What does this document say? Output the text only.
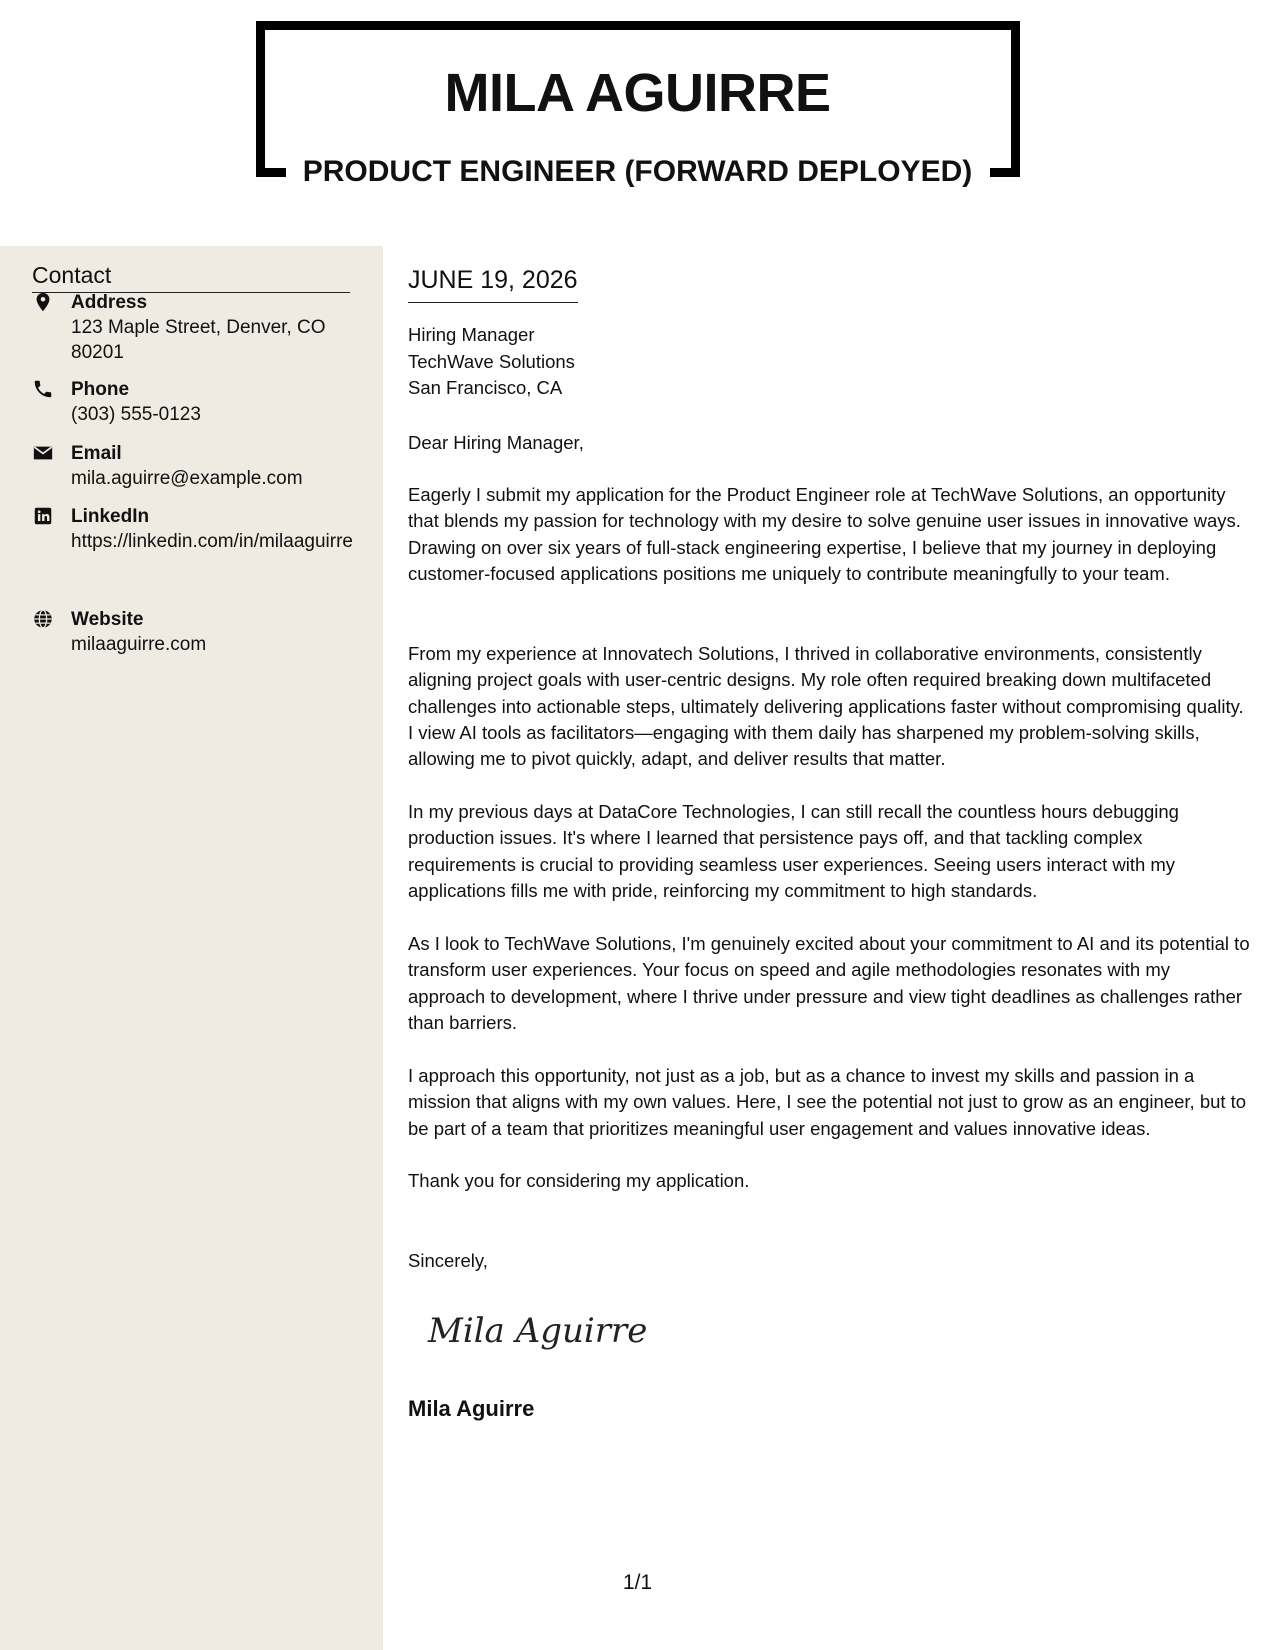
MILA AGUIRRE
PRODUCT ENGINEER (FORWARD DEPLOYED)
Contact
Address
123 Maple Street, Denver, CO 80201
Phone
(303) 555-0123
Email
mila.aguirre@example.com
LinkedIn
https://linkedin.com/in/milaaguirre
Website
milaaguirre.com
JUNE 19, 2026
Hiring Manager
TechWave Solutions
San Francisco, CA
Dear Hiring Manager,
Eagerly I submit my application for the Product Engineer role at TechWave Solutions, an opportunity that blends my passion for technology with my desire to solve genuine user issues in innovative ways. Drawing on over six years of full-stack engineering expertise, I believe that my journey in deploying customer-focused applications positions me uniquely to contribute meaningfully to your team.
From my experience at Innovatech Solutions, I thrived in collaborative environments, consistently aligning project goals with user-centric designs. My role often required breaking down multifaceted challenges into actionable steps, ultimately delivering applications faster without compromising quality. I view AI tools as facilitators—engaging with them daily has sharpened my problem-solving skills, allowing me to pivot quickly, adapt, and deliver results that matter.
In my previous days at DataCore Technologies, I can still recall the countless hours debugging production issues. It's where I learned that persistence pays off, and that tackling complex requirements is crucial to providing seamless user experiences. Seeing users interact with my applications fills me with pride, reinforcing my commitment to high standards.
As I look to TechWave Solutions, I'm genuinely excited about your commitment to AI and its potential to transform user experiences. Your focus on speed and agile methodologies resonates with my approach to development, where I thrive under pressure and view tight deadlines as challenges rather than barriers.
I approach this opportunity, not just as a job, but as a chance to invest my skills and passion in a mission that aligns with my own values. Here, I see the potential not just to grow as an engineer, but to be part of a team that prioritizes meaningful user engagement and values innovative ideas.
Thank you for considering my application.
Sincerely,
Mila Aguirre
Mila Aguirre
1/1
